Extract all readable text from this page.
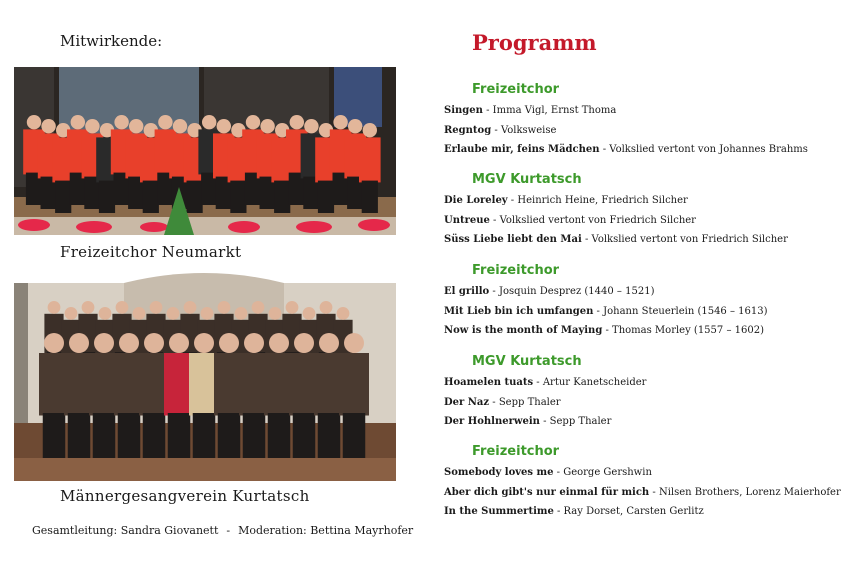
Mitwirkende:
Freizeitchor Neumarkt
Männergesangverein Kurtatsch
Gesamtleitung: Sandra Giovanett - Moderation: Bettina Mayrhofer
Programm
Freizeitchor
Singen - Imma Vigl, Ernst Thoma
Regntog - Volksweise
Erlaube mir, feins Mädchen - Volkslied vertont von Johannes Brahms
MGV Kurtatsch
Die Loreley - Heinrich Heine, Friedrich Silcher
Untreue - Volkslied vertont von Friedrich Silcher
Süss Liebe liebt den Mai - Volkslied vertont von Friedrich Silcher
Freizeitchor
El grillo - Josquin Desprez (1440 – 1521)
Mit Lieb bin ich umfangen - Johann Steuerlein (1546 – 1613)
Now is the month of Maying - Thomas Morley (1557 – 1602)
MGV Kurtatsch
Hoamelen tuats - Artur Kanetscheider
Der Naz - Sepp Thaler
Der Hohlnerwein - Sepp Thaler
Freizeitchor
Somebody loves me - George Gershwin
Aber dich gibt's nur einmal für mich - Nilsen Brothers, Lorenz Maierhofer
In the Summertime - Ray Dorset, Carsten Gerlitz
